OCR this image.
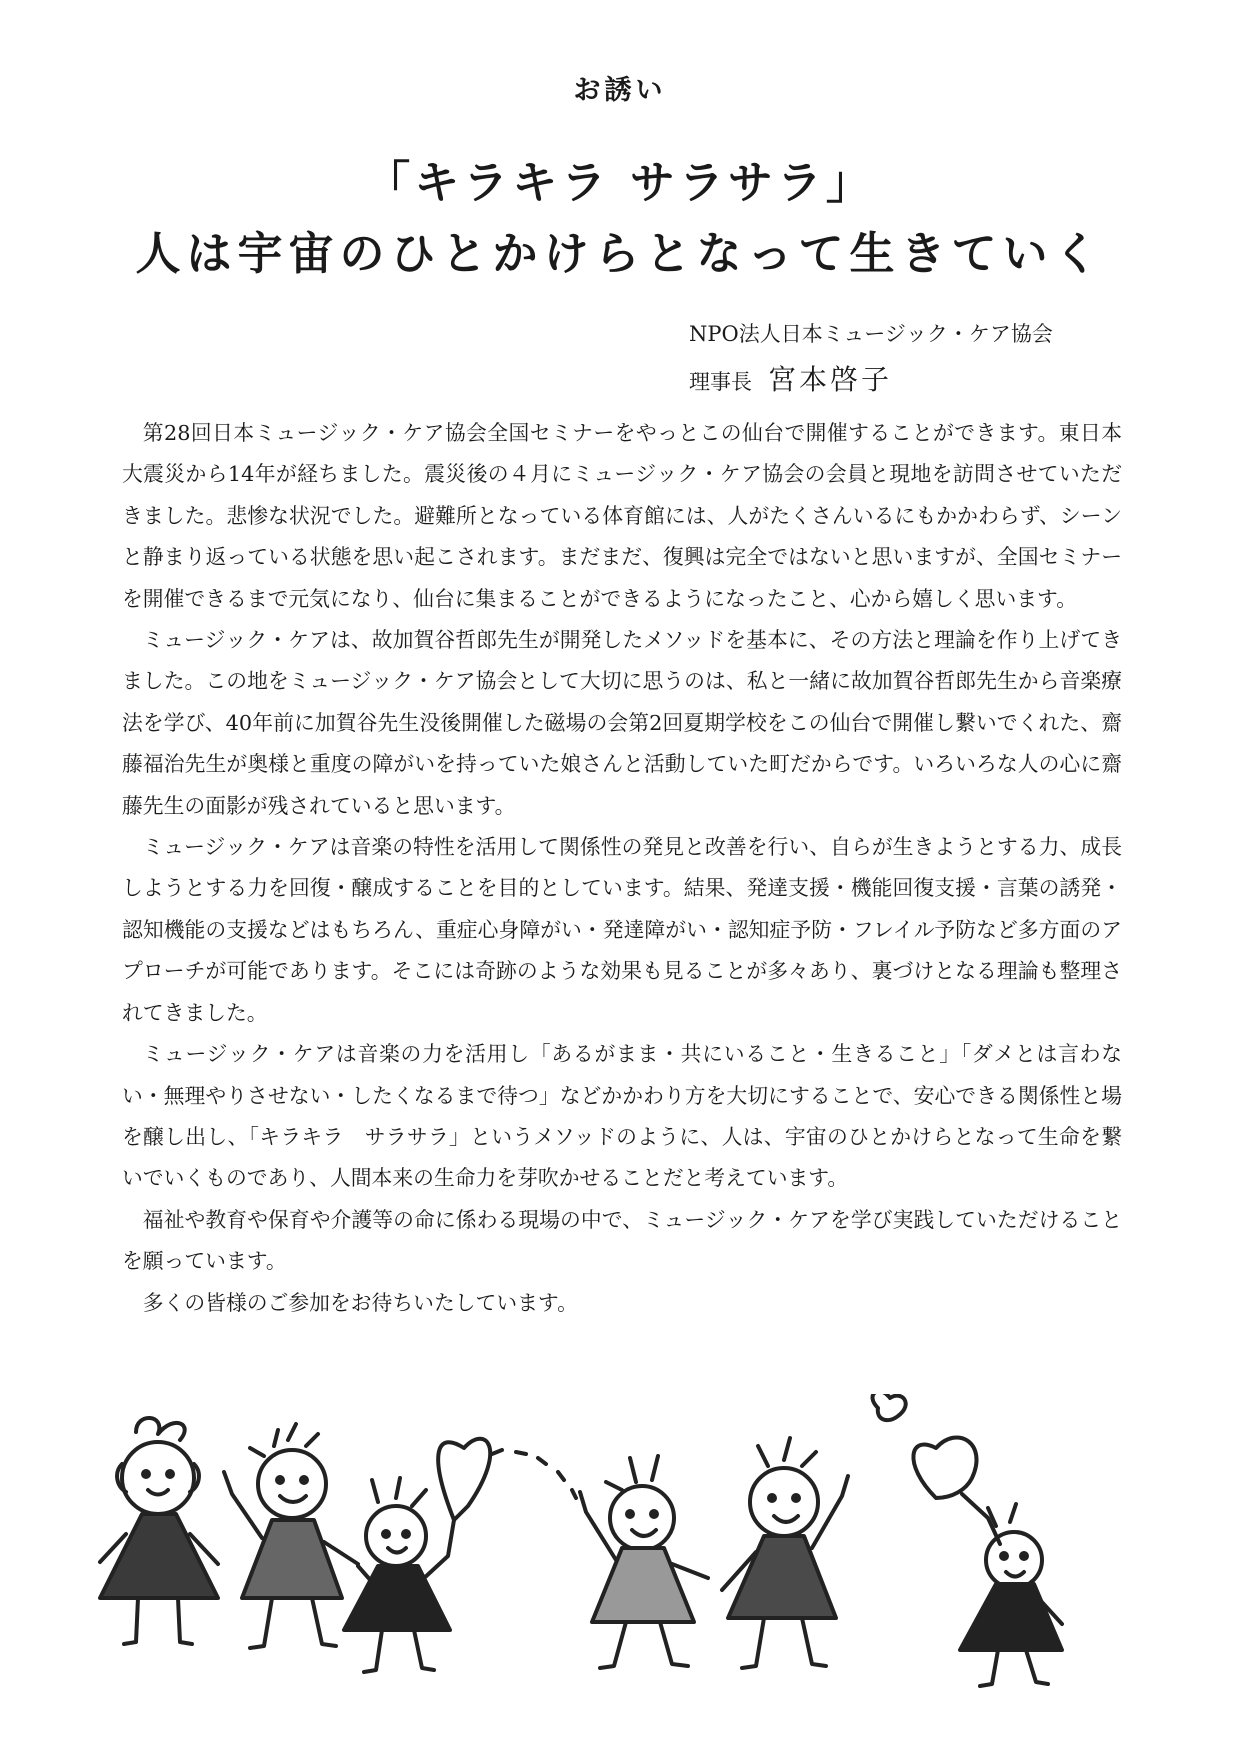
お誘い
「キラキラ サラサラ」
人は宇宙のひとかけらとなって生きていく
NPO法人日本ミュージック・ケア協会
理事長 宮本啓子

第28回日本ミュージック・ケア協会全国セミナーをやっとこの仙台で開催することができます。東日本大震災から14年が経ちました。震災後の４月にミュージック・ケア協会の会員と現地を訪問させていただきました。悲惨な状況でした。避難所となっている体育館には、人がたくさんいるにもかかわらず、シーンと静まり返っている状態を思い起こされます。まだまだ、復興は完全ではないと思いますが、全国セミナーを開催できるまで元気になり、仙台に集まることができるようになったこと、心から嬉しく思います。

ミュージック・ケアは、故加賀谷哲郎先生が開発したメソッドを基本に、その方法と理論を作り上げてきました。この地をミュージック・ケア協会として大切に思うのは、私と一緒に故加賀谷哲郎先生から音楽療法を学び、40年前に加賀谷先生没後開催した磁場の会第2回夏期学校をこの仙台で開催し繋いでくれた、齋藤福治先生が奥様と重度の障がいを持っていた娘さんと活動していた町だからです。いろいろな人の心に齋藤先生の面影が残されていると思います。

ミュージック・ケアは音楽の特性を活用して関係性の発見と改善を行い、自らが生きようとする力、成長しようとする力を回復・醸成することを目的としています。結果、発達支援・機能回復支援・言葉の誘発・認知機能の支援などはもちろん、重症心身障がい・発達障がい・認知症予防・フレイル予防など多方面のアプローチが可能であります。そこには奇跡のような効果も見ることが多々あり、裏づけとなる理論も整理されてきました。

ミュージック・ケアは音楽の力を活用し「あるがまま・共にいること・生きること」「ダメとは言わない・無理やりさせない・したくなるまで待つ」などかかわり方を大切にすることで、安心できる関係性と場を醸し出し、「キラキラ　サラサラ」というメソッドのように、人は、宇宙のひとかけらとなって生命を繋いでいくものであり、人間本来の生命力を芽吹かせることだと考えています。

福祉や教育や保育や介護等の命に係わる現場の中で、ミュージック・ケアを学び実践していただけることを願っています。

多くの皆様のご参加をお待ちいたしています。
